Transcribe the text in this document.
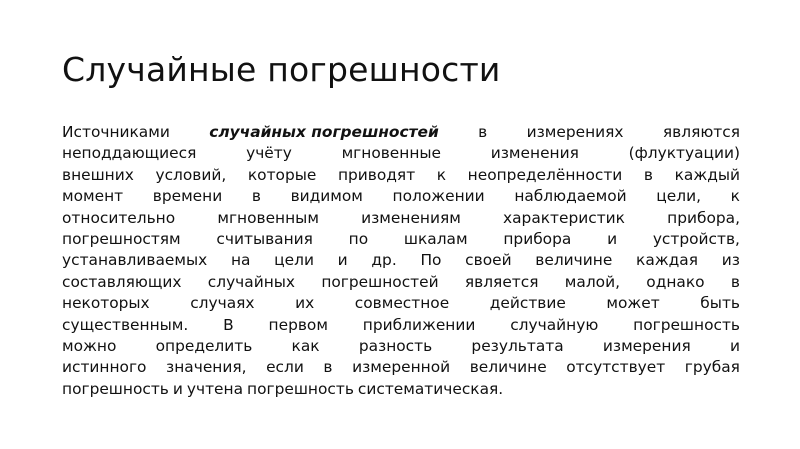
Случайные погрешности
Источниками	случайных погрешностей	в	измерениях	являются
неподдающиеся	учёту	мгновенные	изменения	(флуктуации)
внешних условий, которые приводят к неопределённости в каждый
момент времени в видимом положении наблюдаемой цели, к
относительно	мгновенным	изменениям	характеристик	прибора,
погрешностям считывания по шкалам прибора и устройств,
устанавливаемых на цели и др. По своей величине каждая из
составляющих случайных погрешностей является малой, однако в
некоторых	случаях	их	совместное	действие	может	быть
существенным. В первом приближении случайную погрешность
можно	определить	как	разность	результата	измерения	и
истинного значения, если в измеренной величине отсутствует грубая
погрешность и учтена погрешность систематическая.
